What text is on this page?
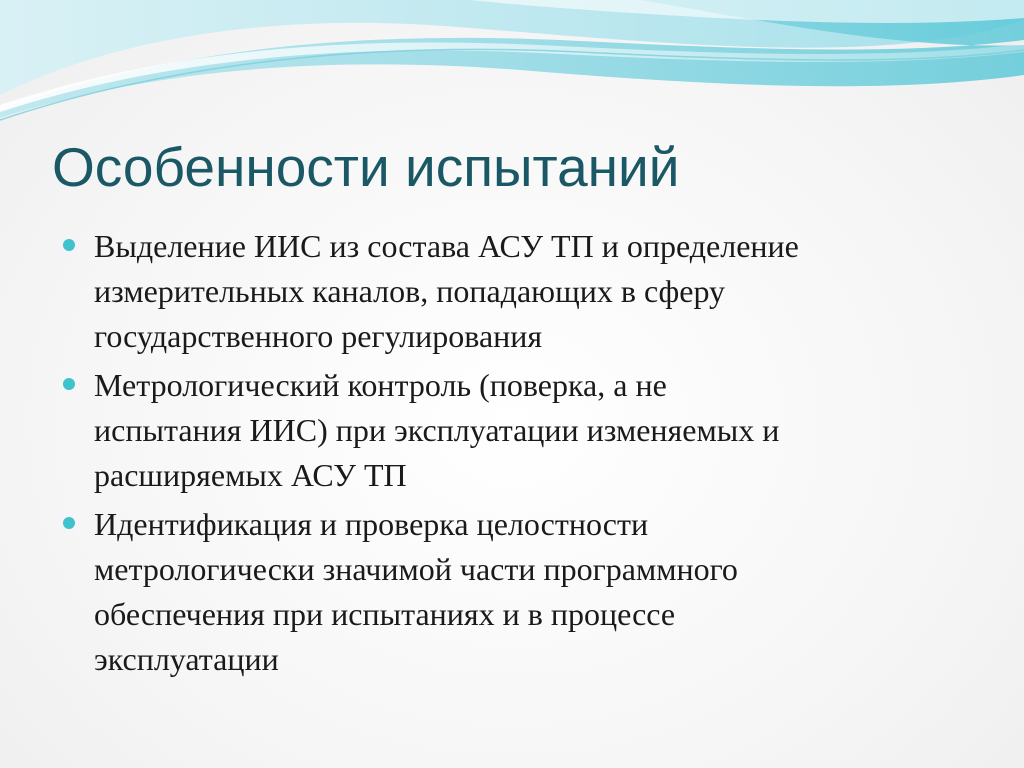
Особенности испытаний
Выделение ИИС из состава АСУ ТП и определение
измерительных каналов, попадающих в сферу
государственного регулирования
Метрологический контроль (поверка, а не
испытания ИИС) при эксплуатации изменяемых и
расширяемых АСУ ТП
Идентификация и проверка целостности
метрологически значимой части программного
обеспечения при испытаниях и в процессе
эксплуатации
